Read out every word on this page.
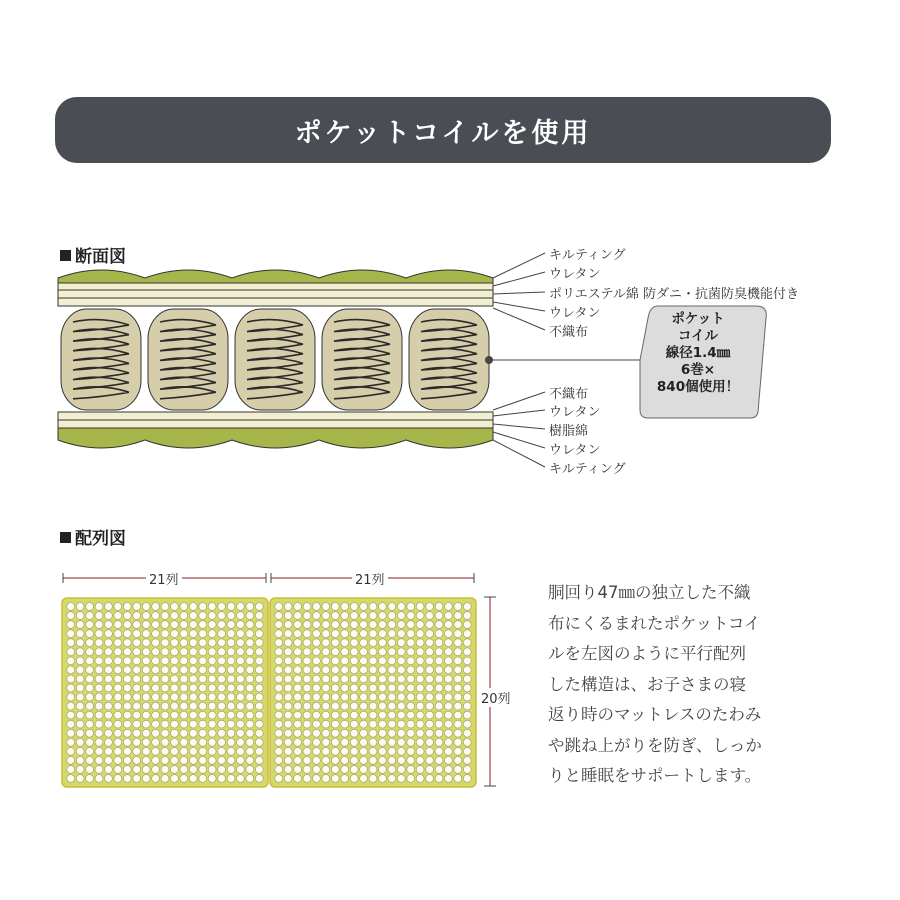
ポケットコイルを使用
断面図
配列図
キルティング
ウレタン
ポリエステル綿 防ダニ・抗菌防臭機能付き
ウレタン
不織布
不織布
ウレタン
樹脂綿
ウレタン
キルティング
ポケット
コイル
線径1.4㎜
6巻×
840個使用！
21列	21列
20列
胴回り47㎜の独立した不織
布にくるまれたポケットコイ
ルを左図のように平行配列
した構造は、お子さまの寝
返り時のマットレスのたわみ
や跳ね上がりを防ぎ、しっか
りと睡眠をサポートします。
